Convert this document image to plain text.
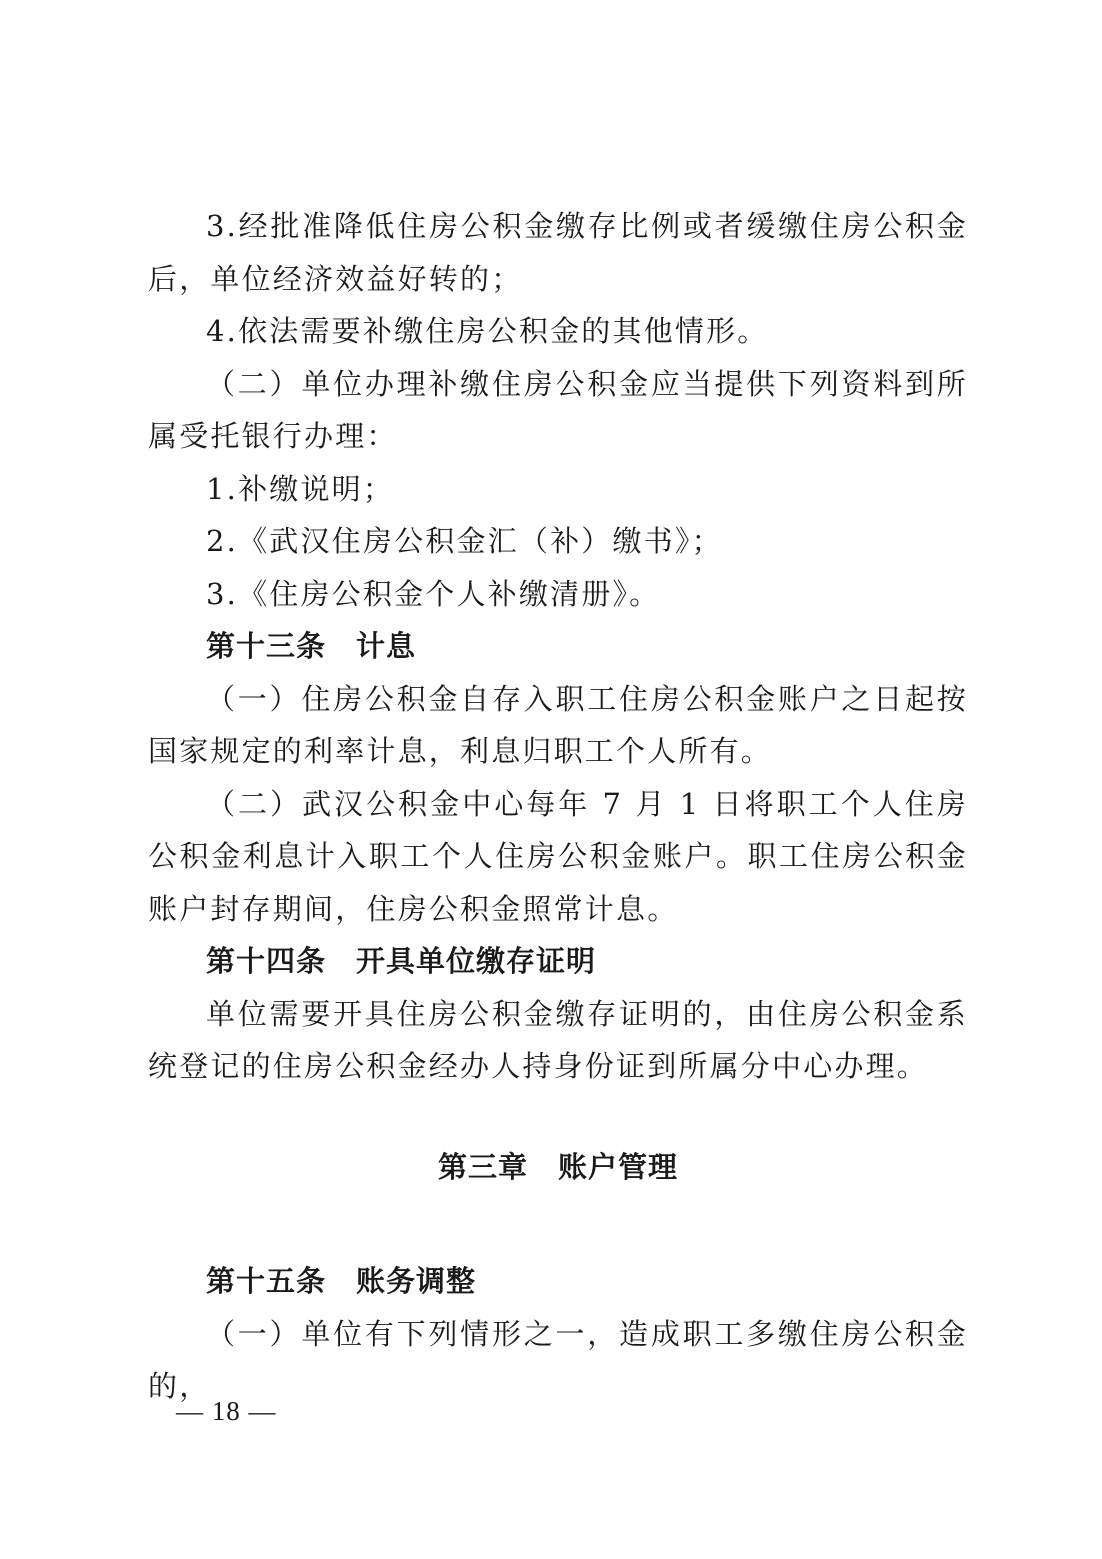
3.经批准降低住房公积金缴存比例或者缓缴住房公积金后，单位经济效益好转的；

4.依法需要补缴住房公积金的其他情形。

（二）单位办理补缴住房公积金应当提供下列资料到所属受托银行办理：

1.补缴说明；

2.《武汉住房公积金汇（补）缴书》；

3.《住房公积金个人补缴清册》。

第十三条 计息

（一）住房公积金自存入职工住房公积金账户之日起按国家规定的利率计息，利息归职工个人所有。

（二）武汉公积金中心每年 7 月 1 日将职工个人住房公积金利息计入职工个人住房公积金账户。职工住房公积金账户封存期间，住房公积金照常计息。

第十四条 开具单位缴存证明

单位需要开具住房公积金缴存证明的，由住房公积金系统登记的住房公积金经办人持身份证到所属分中心办理。

第三章 账户管理
第十五条 账务调整

（一）单位有下列情形之一，造成职工多缴住房公积金的，

— 18 —
